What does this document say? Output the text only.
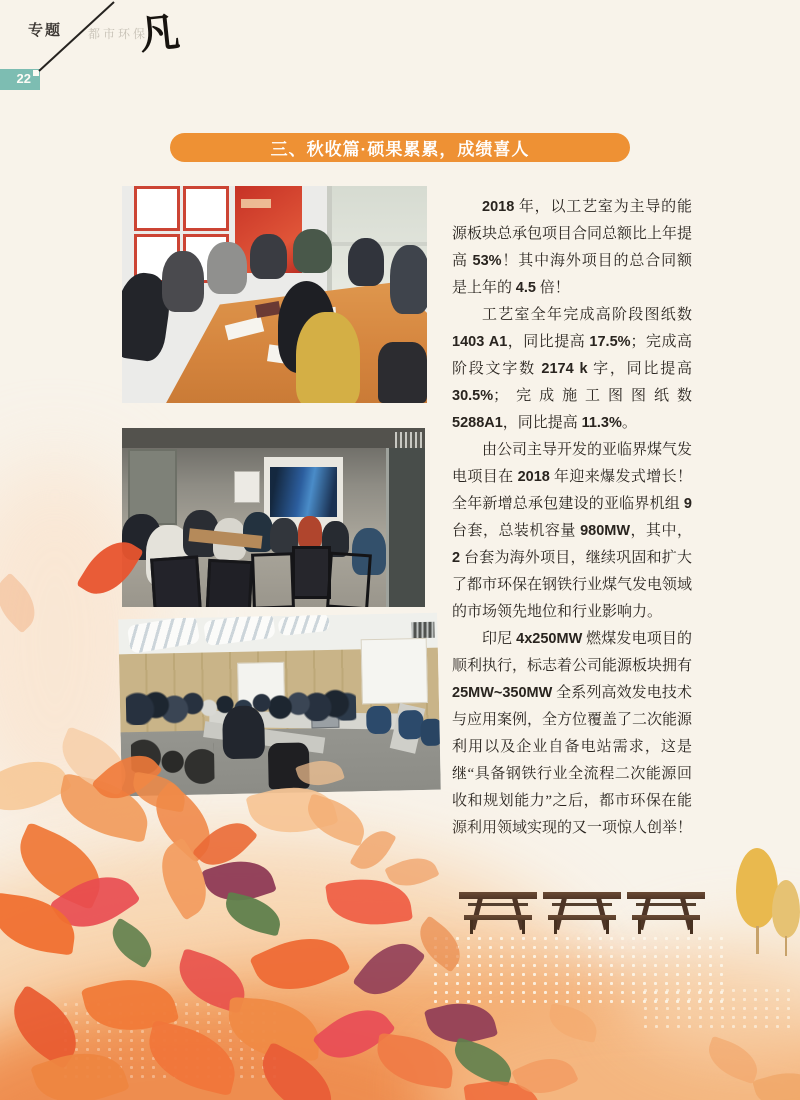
专题 都市环保
凡
22
三、秋收篇·硕果累累，成绩喜人

2018 年，以工艺室为主导的能源板块总承包项目合同总额比上年提高 53%！其中海外项目的总合同额是上年的 4.5 倍！

工艺室全年完成高阶段图纸数 1403 A1，同比提高 17.5%；完成高阶段文字数 2174 k 字，同比提高 30.5%；完成施工图图纸数 5288A1，同比提高 11.3%。

由公司主导开发的亚临界煤气发电项目在 2018 年迎来爆发式增长！全年新增总承包建设的亚临界机组 9 台套，总装机容量 980MW，其中，2 台套为海外项目，继续巩固和扩大了都市环保在钢铁行业煤气发电领域的市场领先地位和行业影响力。

印尼 4x250MW 燃煤发电项目的顺利执行，标志着公司能源板块拥有 25MW~350MW 全系列高效发电技术与应用案例，全方位覆盖了二次能源利用以及企业自备电站需求，这是继“具备钢铁行业全流程二次能源回收和规划能力”之后，都市环保在能源利用领域实现的又一项惊人创举！
